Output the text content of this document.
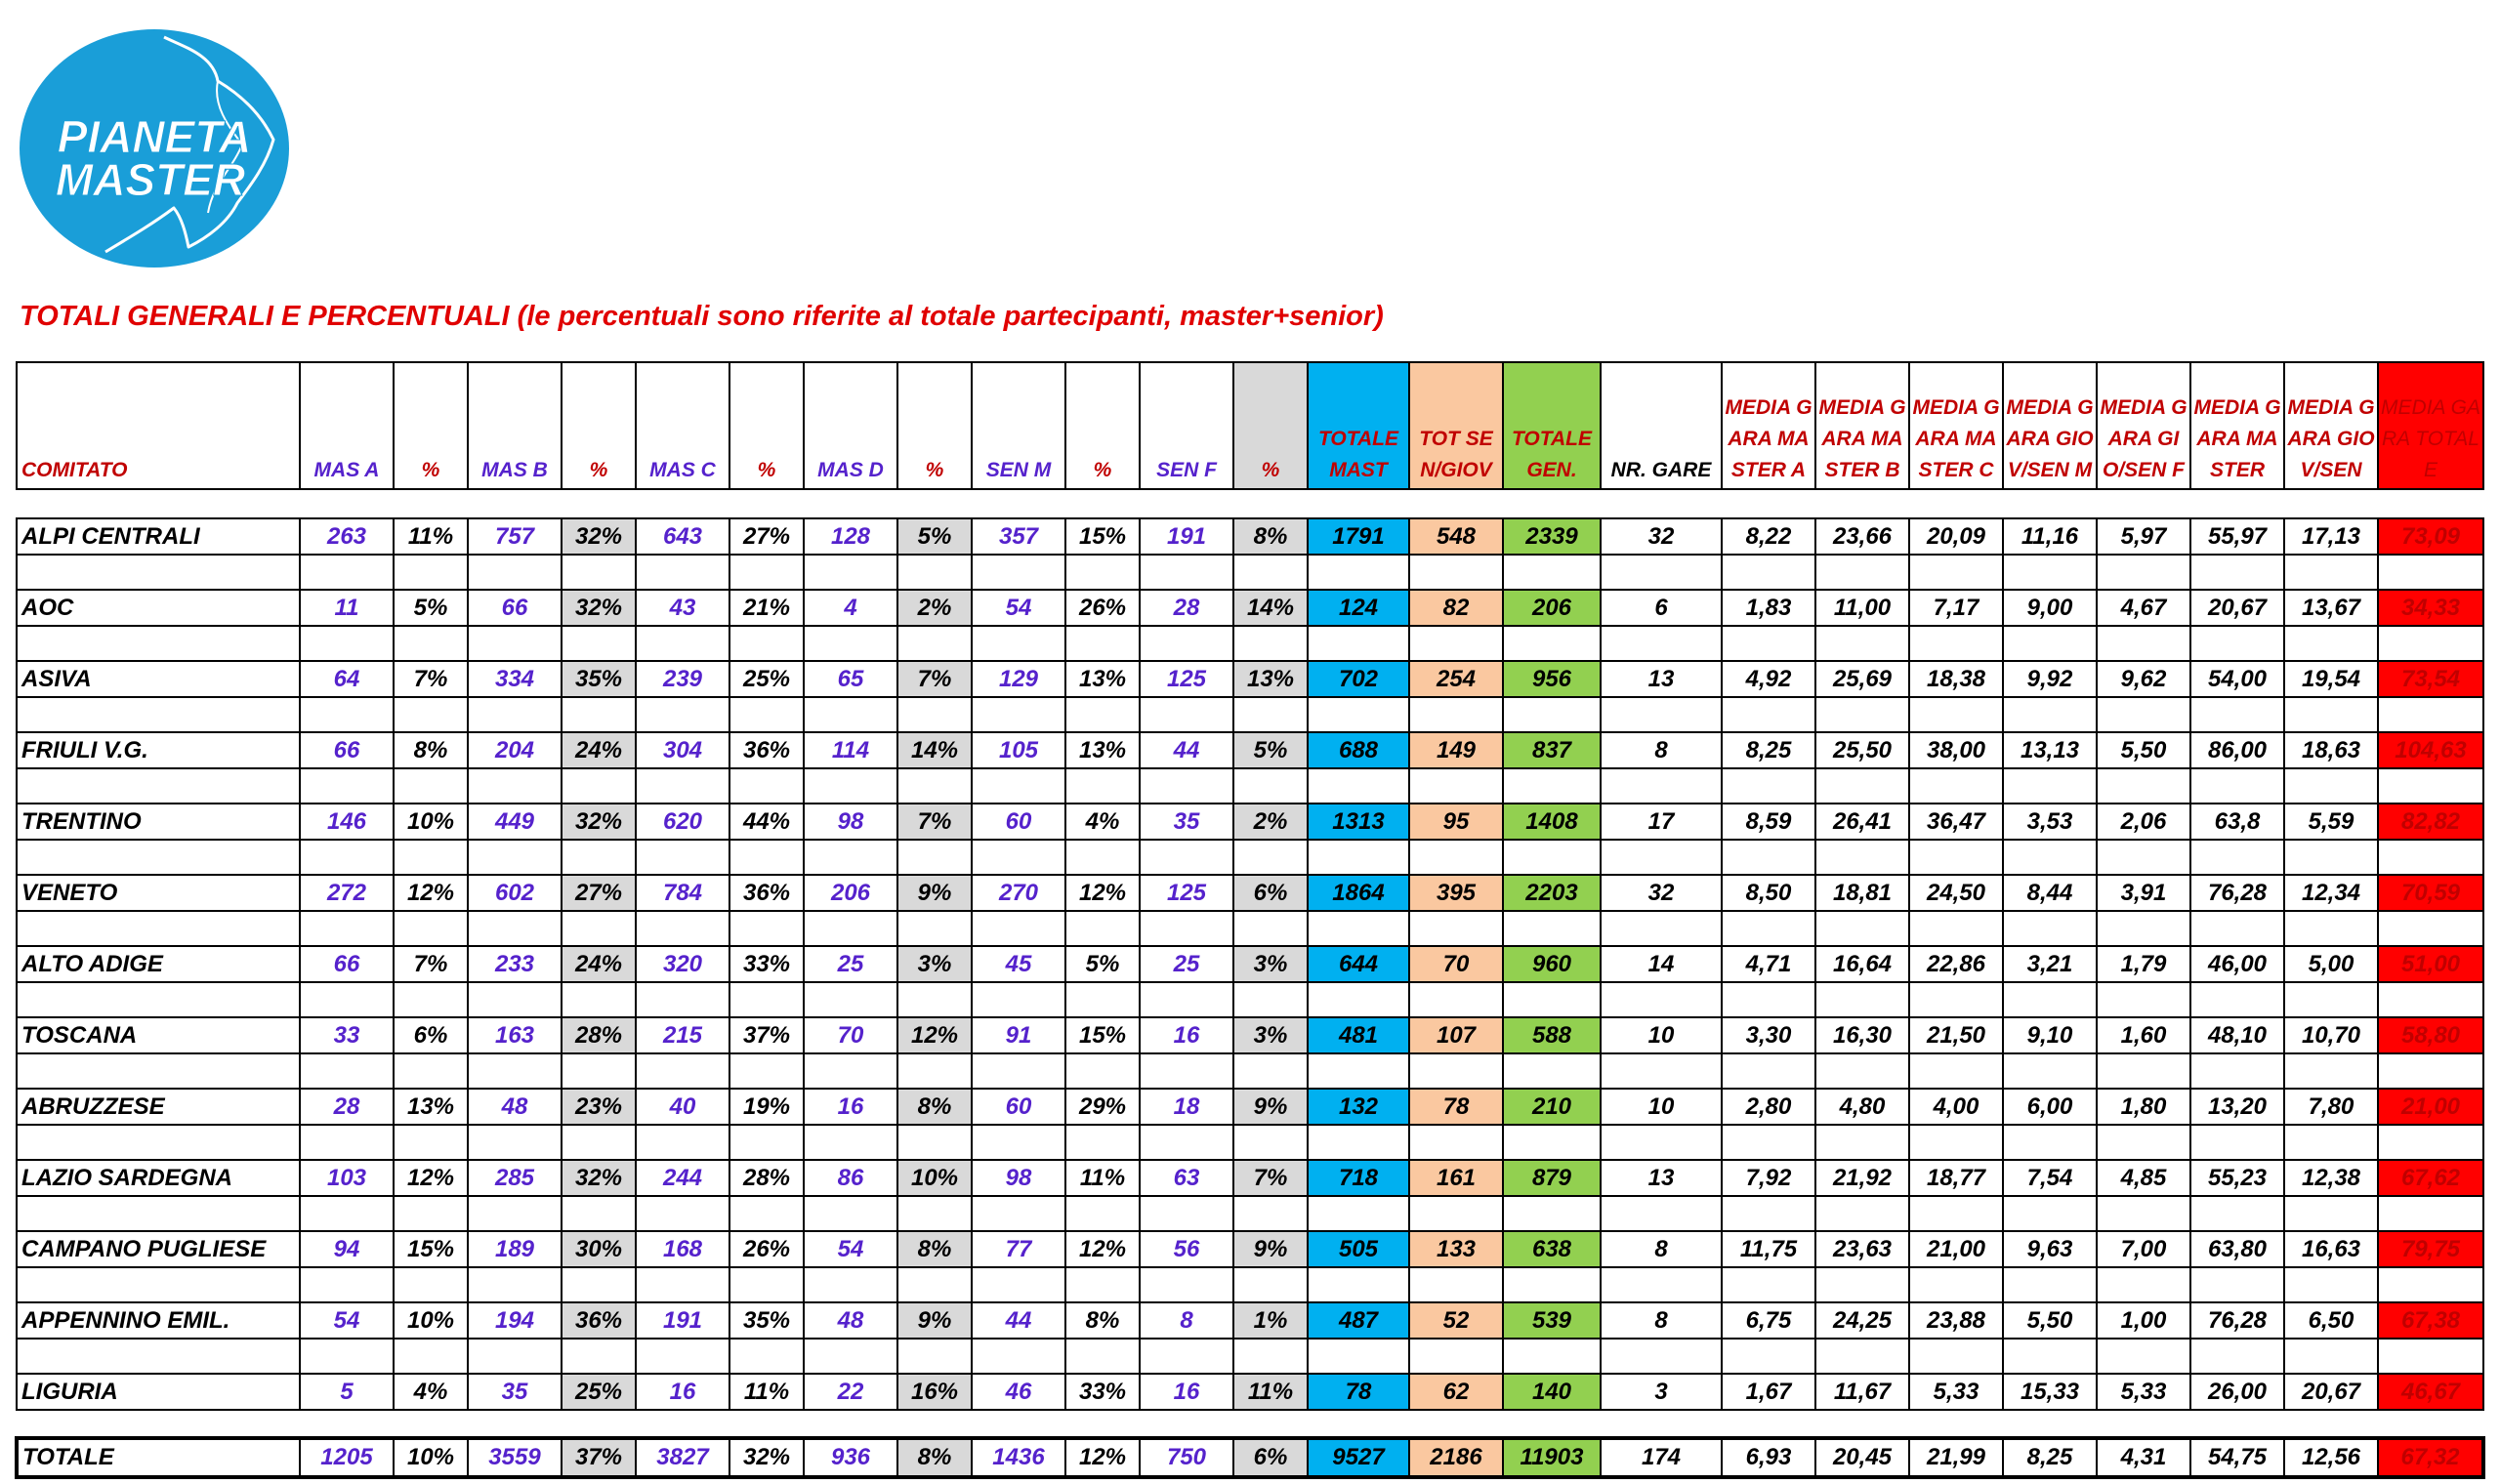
PIANETA
MASTER
TOTALI GENERALI E PERCENTUALI (le percentuali sono riferite al totale partecipanti, master+senior)
COMITATO	MAS A	%	MAS B	%	MAS C	%	MAS D	%	SEN M	%	SEN F	%	TOTALE MAST	TOT SEN/GIOV	TOTALE GEN.	NR. GARE	MEDIA GARA MASTER A	MEDIA GARA MASTER B	MEDIA GARA MASTER C	MEDIA GARA GIOV/SEN M	MEDIA GARA GIO/SEN F	MEDIA GARA MASTER	MEDIA GARA GIOV/SEN	MEDIA GARA TOTALE

ALPI CENTRALI	263	11%	757	32%	643	27%	128	5%	357	15%	191	8%	1791	548	2339	32	8,22	23,66	20,09	11,16	5,97	55,97	17,13	73,09

AOC	11	5%	66	32%	43	21%	4	2%	54	26%	28	14%	124	82	206	6	1,83	11,00	7,17	9,00	4,67	20,67	13,67	34,33

ASIVA	64	7%	334	35%	239	25%	65	7%	129	13%	125	13%	702	254	956	13	4,92	25,69	18,38	9,92	9,62	54,00	19,54	73,54

FRIULI V.G.	66	8%	204	24%	304	36%	114	14%	105	13%	44	5%	688	149	837	8	8,25	25,50	38,00	13,13	5,50	86,00	18,63	104,63

TRENTINO	146	10%	449	32%	620	44%	98	7%	60	4%	35	2%	1313	95	1408	17	8,59	26,41	36,47	3,53	2,06	63,8	5,59	82,82

VENETO	272	12%	602	27%	784	36%	206	9%	270	12%	125	6%	1864	395	2203	32	8,50	18,81	24,50	8,44	3,91	76,28	12,34	70,59

ALTO ADIGE	66	7%	233	24%	320	33%	25	3%	45	5%	25	3%	644	70	960	14	4,71	16,64	22,86	3,21	1,79	46,00	5,00	51,00

TOSCANA	33	6%	163	28%	215	37%	70	12%	91	15%	16	3%	481	107	588	10	3,30	16,30	21,50	9,10	1,60	48,10	10,70	58,80

ABRUZZESE	28	13%	48	23%	40	19%	16	8%	60	29%	18	9%	132	78	210	10	2,80	4,80	4,00	6,00	1,80	13,20	7,80	21,00

LAZIO SARDEGNA	103	12%	285	32%	244	28%	86	10%	98	11%	63	7%	718	161	879	13	7,92	21,92	18,77	7,54	4,85	55,23	12,38	67,62

CAMPANO PUGLIESE	94	15%	189	30%	168	26%	54	8%	77	12%	56	9%	505	133	638	8	11,75	23,63	21,00	9,63	7,00	63,80	16,63	79,75

APPENNINO EMIL.	54	10%	194	36%	191	35%	48	9%	44	8%	8	1%	487	52	539	8	6,75	24,25	23,88	5,50	1,00	76,28	6,50	67,38

LIGURIA	5	4%	35	25%	16	11%	22	16%	46	33%	16	11%	78	62	140	3	1,67	11,67	5,33	15,33	5,33	26,00	20,67	46,67

TOTALE	1205	10%	3559	37%	3827	32%	936	8%	1436	12%	750	6%	9527	2186	11903	174	6,93	20,45	21,99	8,25	4,31	54,75	12,56	67,32
